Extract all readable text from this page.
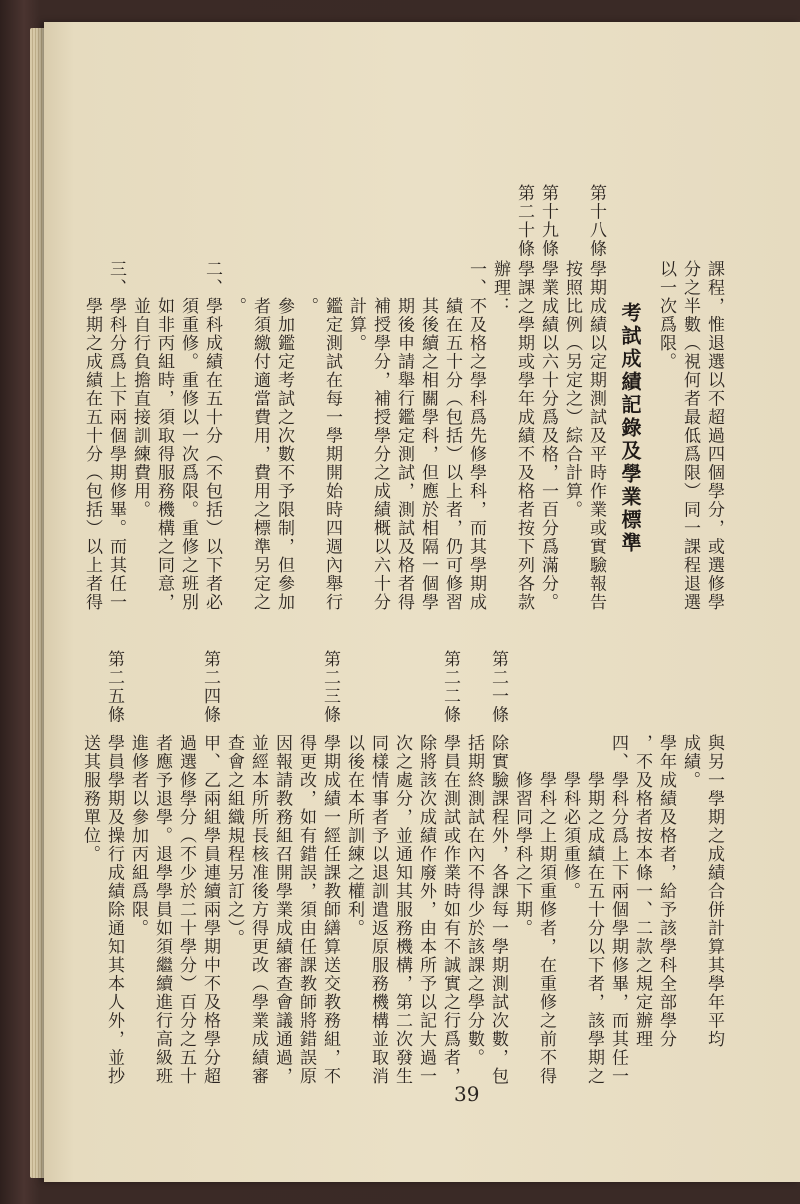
課程，惟退選以不超過四個學分，或選修學
分之半數（視何者最低爲限）同一課程退選
以一次爲限。
考試成績記錄及學業標準
第十八條
學期成績以定期測試及平時作業或實驗報告
按照比例（另定之）綜合計算。
第十九條
學業成績以六十分爲及格，一百分爲滿分。
第二十條
學課之學期或學年成績不及格者按下列各款
辦理：
一、不及格之學科爲先修學科，而其學期成
　　績在五十分（包括）以上者，仍可修習
　　其後續之相關學科，但應於相隔一個學
　　期後申請舉行鑑定測試，測試及格者得
　　補授學分，補授學分之成績概以六十分
　　計算。
　　鑑定測試在每一學期開始時四週內舉行
　　。
　　參加鑑定考試之次數不予限制，但參加
　　者須繳付適當費用，費用之標準另定之
　　。
二、學科成績在五十分（不包括）以下者必
　　須重修。重修以一次爲限。重修之班別
　　如非丙組時，須取得服務機構之同意，
　　並自行負擔直接訓練費用。
三、學科分爲上下兩個學期修畢。而其任一
　　學期之成績在五十分（包括）以上者得
與另一學期之成績合併計算其學年平均
成績。
學年成績及格者，給予該學科全部學分
，不及格者按本條一、二款之規定辦理
四、學科分爲上下兩個學期修畢，而其任一
　　學期之成績在五十分以下者，該學期之
　　學科必須重修。
　　學科之上期須重修者，在重修之前不得
　　修習同學科之下期。
第二一條
除實驗課程外，各課每一學期測試次數，包
括期終測試在內不得少於該課之學分數。
第二二條
學員在測試或作業時如有不誠實之行爲者，
除將該次成績作廢外，由本所予以記大過一
次之處分，並通知其服務機構，第二次發生
同樣情事者予以退訓遣返原服務機構並取消
以後在本所訓練之權利。
第二三條
學期成績一經任課教師繕算送交教務組，不
得更改，如有錯誤，須由任課教師將錯誤原
因報請教務組召開學業成績審查會議通過，
並經本所所長核准後方得更改（學業成績審
查會之組織規程另訂之）。
第二四條
甲、乙兩組學員連續兩學期中不及格學分超
過選修學分（不少於二十學分）百分之五十
者應予退學。退學學員如須繼續進行高級班
進修者以參加丙組爲限。
第二五條
學員學期及操行成績除通知其本人外，並抄
送其服務單位。
39
